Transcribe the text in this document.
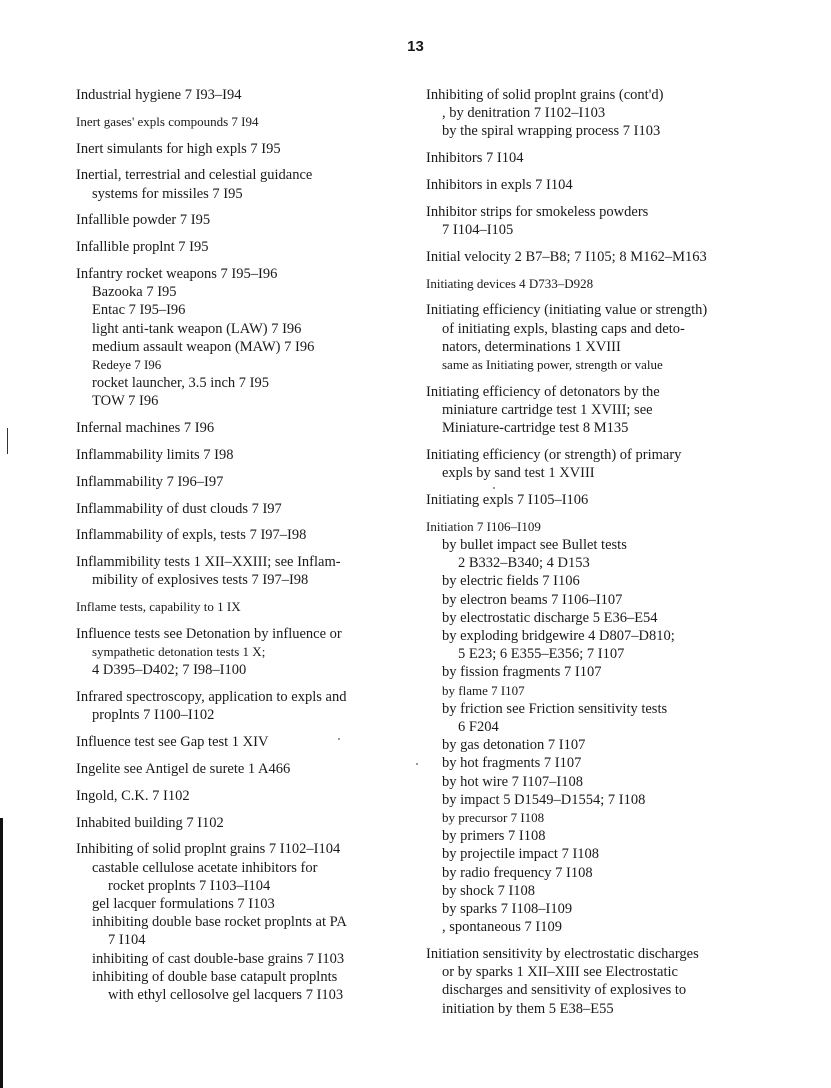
13
Industrial hygiene 7 I93–I94
Inert gases' expls compounds 7 I94
Inert simulants for high expls 7 I95
Inertial, terrestrial and celestial guidance
systems for missiles 7 I95
Infallible powder 7 I95
Infallible proplnt 7 I95
Infantry rocket weapons 7 I95–I96
Bazooka 7 I95
Entac 7 I95–I96
light anti-tank weapon (LAW) 7 I96
medium assault weapon (MAW) 7 I96
Redeye 7 I96
rocket launcher, 3.5 inch 7 I95
TOW 7 I96
Infernal machines 7 I96
Inflammability limits 7 I98
Inflammability 7 I96–I97
Inflammability of dust clouds 7 I97
Inflammability of expls, tests 7 I97–I98
Inflammibility tests 1 XII–XXIII; see Inflam-
mibility of explosives tests 7 I97–I98
Inflame tests, capability to 1 IX
Influence tests see Detonation by influence or
sympathetic detonation tests 1 X;
4 D395–D402; 7 I98–I100
Infrared spectroscopy, application to expls and
proplnts 7 I100–I102
Influence test see Gap test 1 XIV
Ingelite see Antigel de surete 1 A466
Ingold, C.K. 7 I102
Inhabited building 7 I102
Inhibiting of solid proplnt grains 7 I102–I104
castable cellulose acetate inhibitors for
rocket proplnts 7 I103–I104
gel lacquer formulations 7 I103
inhibiting double base rocket proplnts at PA
7 I104
inhibiting of cast double-base grains 7 I103
inhibiting of double base catapult proplnts
with ethyl cellosolve gel lacquers 7 I103
Inhibiting of solid proplnt grains (cont'd)
, by denitration 7 I102–I103
by the spiral wrapping process 7 I103
Inhibitors 7 I104
Inhibitors in expls 7 I104
Inhibitor strips for smokeless powders
7 I104–I105
Initial velocity 2 B7–B8; 7 I105; 8 M162–M163
Initiating devices 4 D733–D928
Initiating efficiency (initiating value or strength)
of initiating expls, blasting caps and deto-
nators, determinations 1 XVIII
same as Initiating power, strength or value
Initiating efficiency of detonators by the
miniature cartridge test 1 XVIII; see
Miniature-cartridge test 8 M135
Initiating efficiency (or strength) of primary
expls by sand test 1 XVIII
Initiating expls 7 I105–I106
Initiation 7 I106–I109
by bullet impact see Bullet tests
2 B332–B340; 4 D153
by electric fields 7 I106
by electron beams 7 I106–I107
by electrostatic discharge 5 E36–E54
by exploding bridgewire 4 D807–D810;
5 E23; 6 E355–E356; 7 I107
by fission fragments 7 I107
by flame 7 I107
by friction see Friction sensitivity tests
6 F204
by gas detonation 7 I107
by hot fragments 7 I107
by hot wire 7 I107–I108
by impact 5 D1549–D1554; 7 I108
by precursor 7 I108
by primers 7 I108
by projectile impact 7 I108
by radio frequency 7 I108
by shock 7 I108
by sparks 7 I108–I109
, spontaneous 7 I109
Initiation sensitivity by electrostatic discharges
or by sparks 1 XII–XIII see Electrostatic
discharges and sensitivity of explosives to
initiation by them 5 E38–E55
